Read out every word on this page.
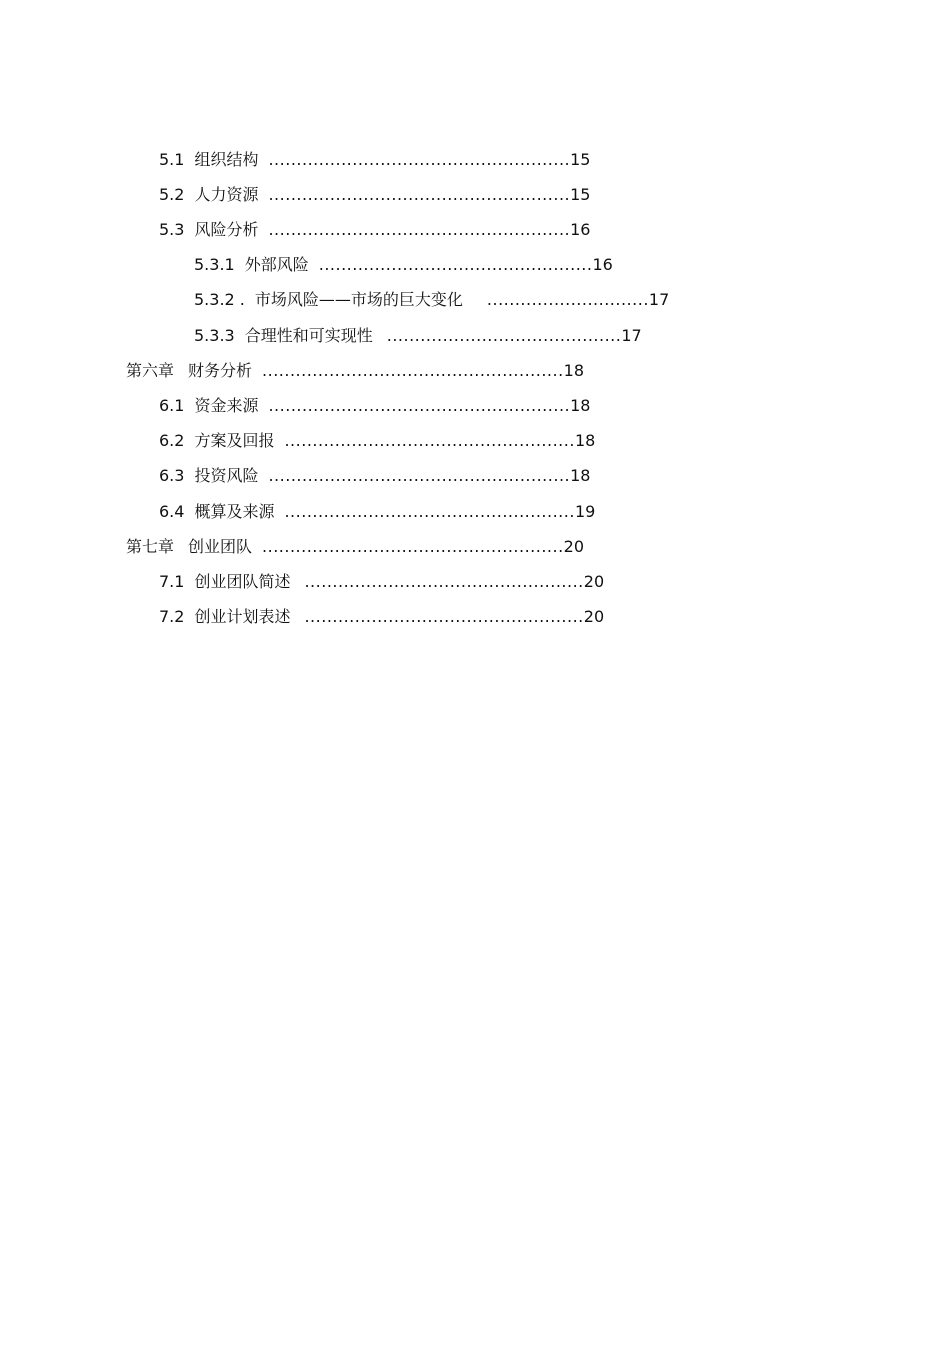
5.1 组织结构 ...................................................... 15
5.2 人力资源 ...................................................... 15
5.3 风险分析 ...................................................... 16
5.3.1 外部风险 ................................................. 16
5.3.2 . 市场风险——市场的巨大变化 ............................. 17
5.3.3 合理性和可实现性 .......................................... 17
第六章 财务分析 ...................................................... 18
6.1 资金来源 ...................................................... 18
6.2 方案及回报 .................................................... 18
6.3 投资风险 ...................................................... 18
6.4 概算及来源 .................................................... 19
第七章 创业团队 ...................................................... 20
7.1 创业团队简述 .................................................. 20
7.2 创业计划表述 .................................................. 20
